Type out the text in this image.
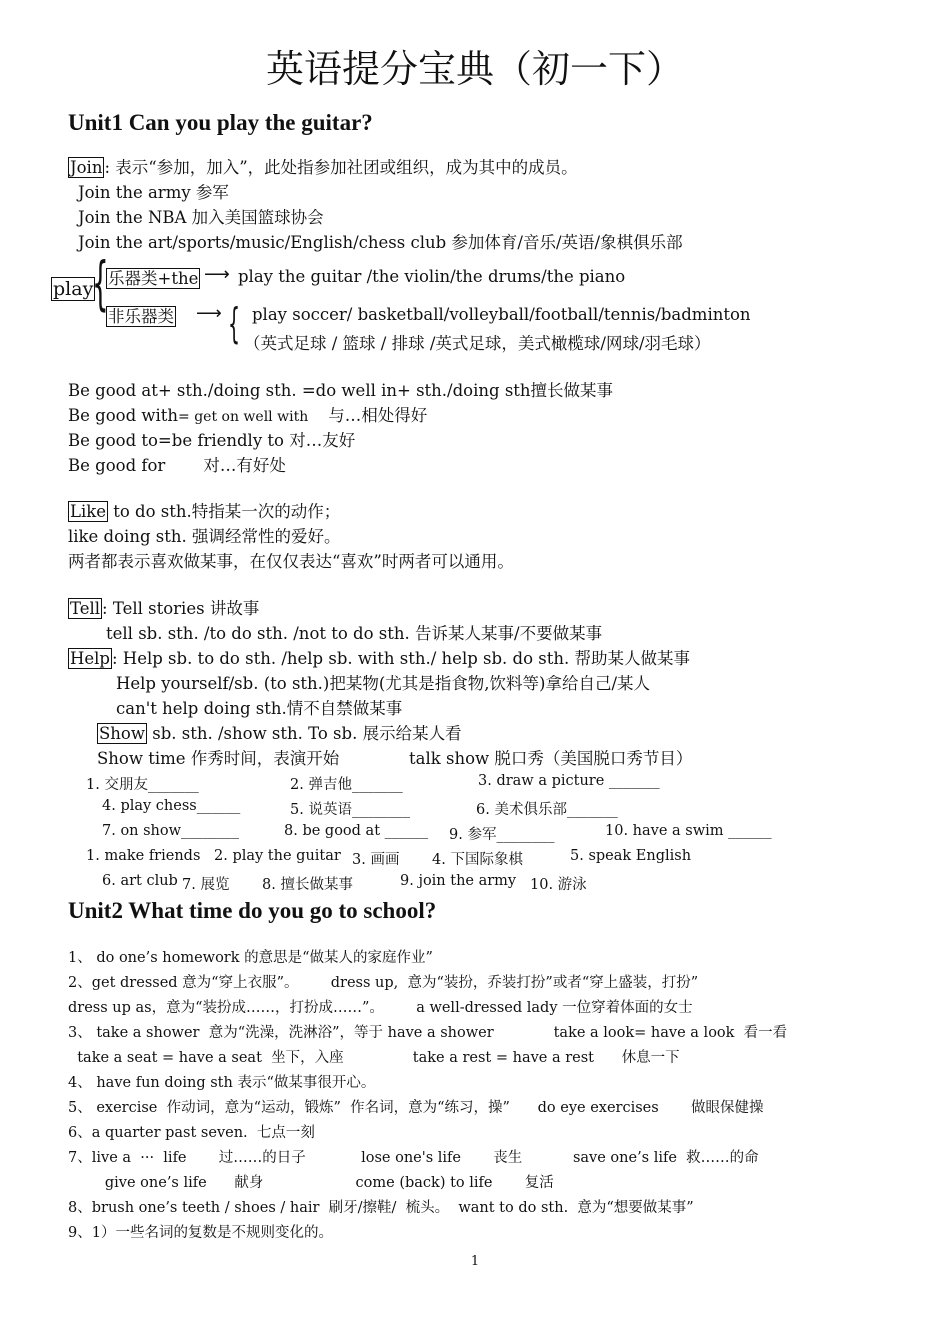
英语提分宝典（初一下）
Unit1 Can you play the guitar?
Join : 表示“参加，加入”，此处指参加社团或组织，成为其中的成员。
Join the army 参军
Join the NBA 加入美国篮球协会
Join the art/sports/music/English/chess club 参加体育/音乐/英语/象棋俱乐部
play
{ 乐器类+the ⟶ play the guitar /the violin/the drums/the piano
非乐器类 ⟶ { play soccer/ basketball/volleyball/football/tennis/badminton
（英式足球 / 篮球 / 排球 /英式足球，美式橄榄球/网球/羽毛球）
Be good at+ sth./doing sth. =do well in+ sth./doing sth擅长做某事
Be good with= get on well with 与…相处得好
Be good to=be friendly to 对…友好
Be good for 对…有好处
Like to do sth.特指某一次的动作；
like doing sth. 强调经常性的爱好。
两者都表示喜欢做某事，在仅仅表达“喜欢”时两者可以通用。
Tell : Tell stories 讲故事
tell sb. sth. /to do sth. /not to do sth. 告诉某人某事/不要做某事
Help : Help sb. to do sth. /help sb. with sth./ help sb. do sth. 帮助某人做某事
Help yourself/sb. (to sth.)把某物(尤其是指食物,饮料等)拿给自己/某人
can't help doing sth.情不自禁做某事
Show sb. sth. /show sth. To sb. 展示给某人看
Show time 作秀时间，表演开始	talk show 脱口秀（美国脱口秀节目）
1. 交朋友_______	2. 弹吉他_______	3. draw a picture _______
4. play chess______	5. 说英语________	6. 美术俱乐部_______
7. on show________	8. be good at ______ 9. 参军________	10. have a swim ______
1. make friends 2. play the guitar 3. 画画 4. 下国际象棋	5. speak English
6. art club 7. 展览 8. 擅长做某事	9. join the army 10. 游泳
Unit2 What time do you go to school?
1、 do one’s homework 的意思是“做某人的家庭作业”
2、get dressed 意为“穿上衣服”。       dress up,  意为“装扮，乔装打扮”或者“穿上盛装，打扮”
dress up as，意为“装扮成……，打扮成……”。       a well-dressed lady 一位穿着体面的女士
3、 take a shower  意为“洗澡，洗淋浴”，等于 have a shower             take a look= have a look  看一看
take a seat = have a seat  坐下，入座               take a rest = have a rest      休息一下
4、 have fun doing sth 表示“做某事很开心。
5、 exercise  作动词，意为“运动，锻炼”  作名词，意为“练习，操”      do eye exercises       做眼保健操
6、a quarter past seven.  七点一刻
7、live a  ···  life       过……的日子            lose one's life       丧生           save one’s life  救……的命
give one’s life      献身                    come (back) to life       复活
8、brush one’s teeth / shoes / hair  刷牙/擦鞋/  梳头。  want to do sth.  意为“想要做某事”
9、1）一些名词的复数是不规则变化的。
1
